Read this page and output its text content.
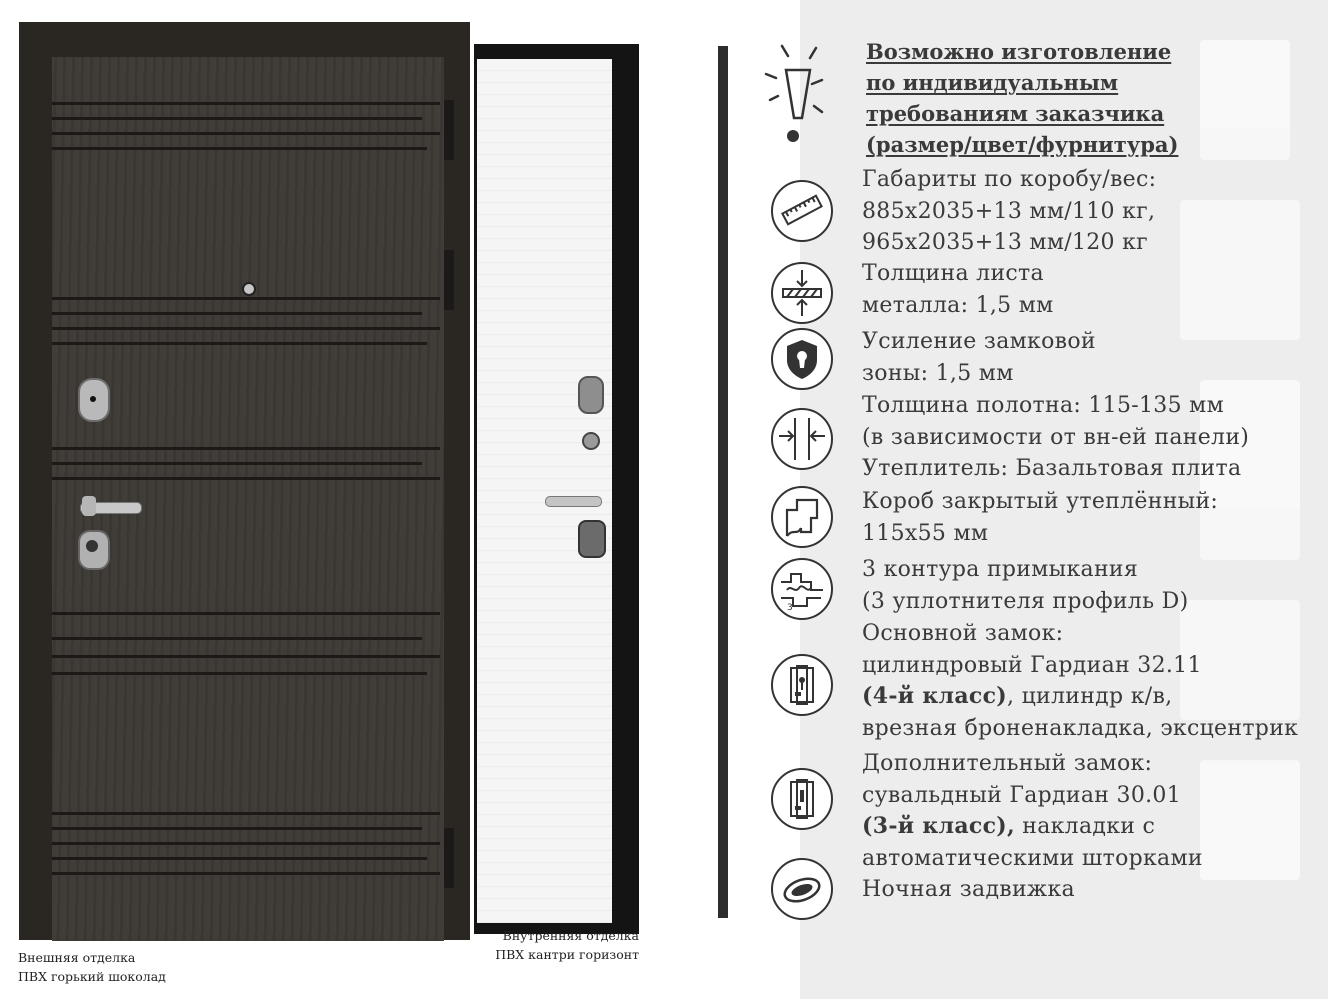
Внешняя отделка
ПВХ горький шоколад
Внутренняя отделка
ПВХ кантри горизонт
3
Возможно изготовление
по индивидуальным
требованиям заказчика
(размер/цвет/фурнитура)
Габариты по коробу/вес:
885х2035+13 мм/110 кг,
965х2035+13 мм/120 кг
Толщина листа
металла: 1,5 мм
Усиление замковой
зоны: 1,5 мм
Толщина полотна: 115-135 мм
(в зависимости от вн-ей панели)
Утеплитель: Базальтовая плита
Короб закрытый утеплённый:
115х55 мм
3 контура примыкания
(3 уплотнителя профиль D)
Основной замок:
цилиндровый Гардиан 32.11
(4-й класс), цилиндр к/в,
врезная броненакладка, эксцентрик
Дополнительный замок:
сувальдный Гардиан 30.01
(3-й класс), накладки с
автоматическими шторками
Ночная задвижка
